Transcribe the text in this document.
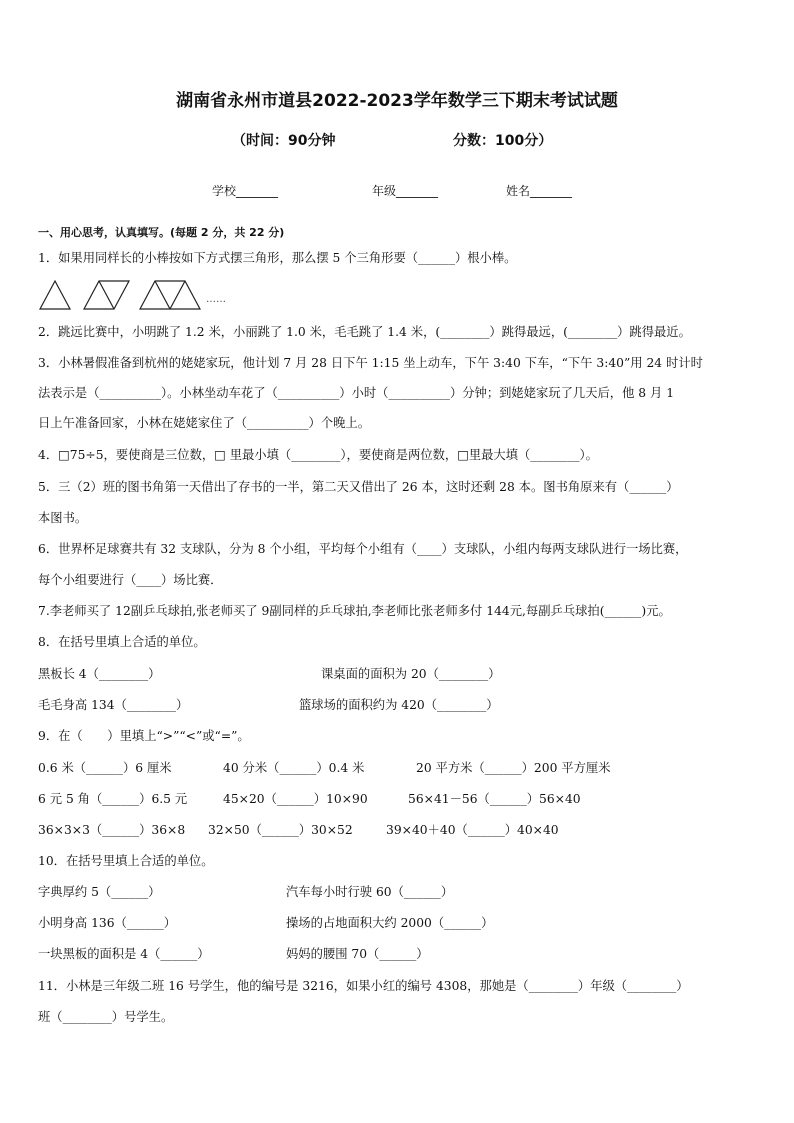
湖南省永州市道县2022-2023学年数学三下期末考试试题
（时间：90分钟	分数：100分）
学校_______	年级_______	姓名_______
一、用心思考，认真填写。(每题 2 分，共 22 分)
1．如果用同样长的小棒按如下方式摆三角形，那么摆 5 个三角形要（______）根小棒。
……
2．跳远比赛中，小明跳了 1.2 米，小丽跳了 1.0 米，毛毛跳了 1.4 米，(________）跳得最远，(________）跳得最近。
3．小林暑假准备到杭州的姥姥家玩，他计划 7 月 28 日下午 1:15 坐上动车，下午 3:40 下车，“下午 3:40”用 24 时计时
法表示是（__________）。小林坐动车花了（__________）小时（__________）分钟；到姥姥家玩了几天后，他 8 月 1
日上午准备回家，小林在姥姥家住了（__________）个晚上。
4．□75÷5，要使商是三位数，□ 里最小填（________），要使商是两位数，□里最大填（________）。
5．三（2）班的图书角第一天借出了存书的一半，第二天又借出了 26 本，这时还剩 28 本。图书角原来有（______）
本图书。
6．世界杯足球赛共有 32 支球队，分为 8 个小组，平均每个小组有（____）支球队，小组内每两支球队进行一场比赛，
每个小组要进行（____）场比赛．
7.李老师买了 12副乒乓球拍,张老师买了 9副同样的乒乓球拍,李老师比张老师多付 144元,每副乒乓球拍(______)元。
8．在括号里填上合适的单位。
黑板长 4（________）	课桌面的面积为 20（________）
毛毛身高 134（________）	篮球场的面积约为 420（________）
9．在（　　）里填上“>”“<”或“=”。
0.6 米（______）6 厘米	40 分米（______）0.4 米	20 平方米（______）200 平方厘米
6 元 5 角（______）6.5 元	45×20（______）10×90	56×41－56（______）56×40
36×3×3（______）36×8 32×50（______）30×52	39×40＋40（______）40×40
10．在括号里填上合适的单位。
字典厚约 5（______）	汽车每小时行驶 60（______）
小明身高 136（______）	操场的占地面积大约 2000（______）
一块黑板的面积是 4（______）	妈妈的腰围 70（______）
11．小林是三年级二班 16 号学生，他的编号是 3216，如果小红的编号 4308，那她是（________）年级（________）
班（________）号学生。
